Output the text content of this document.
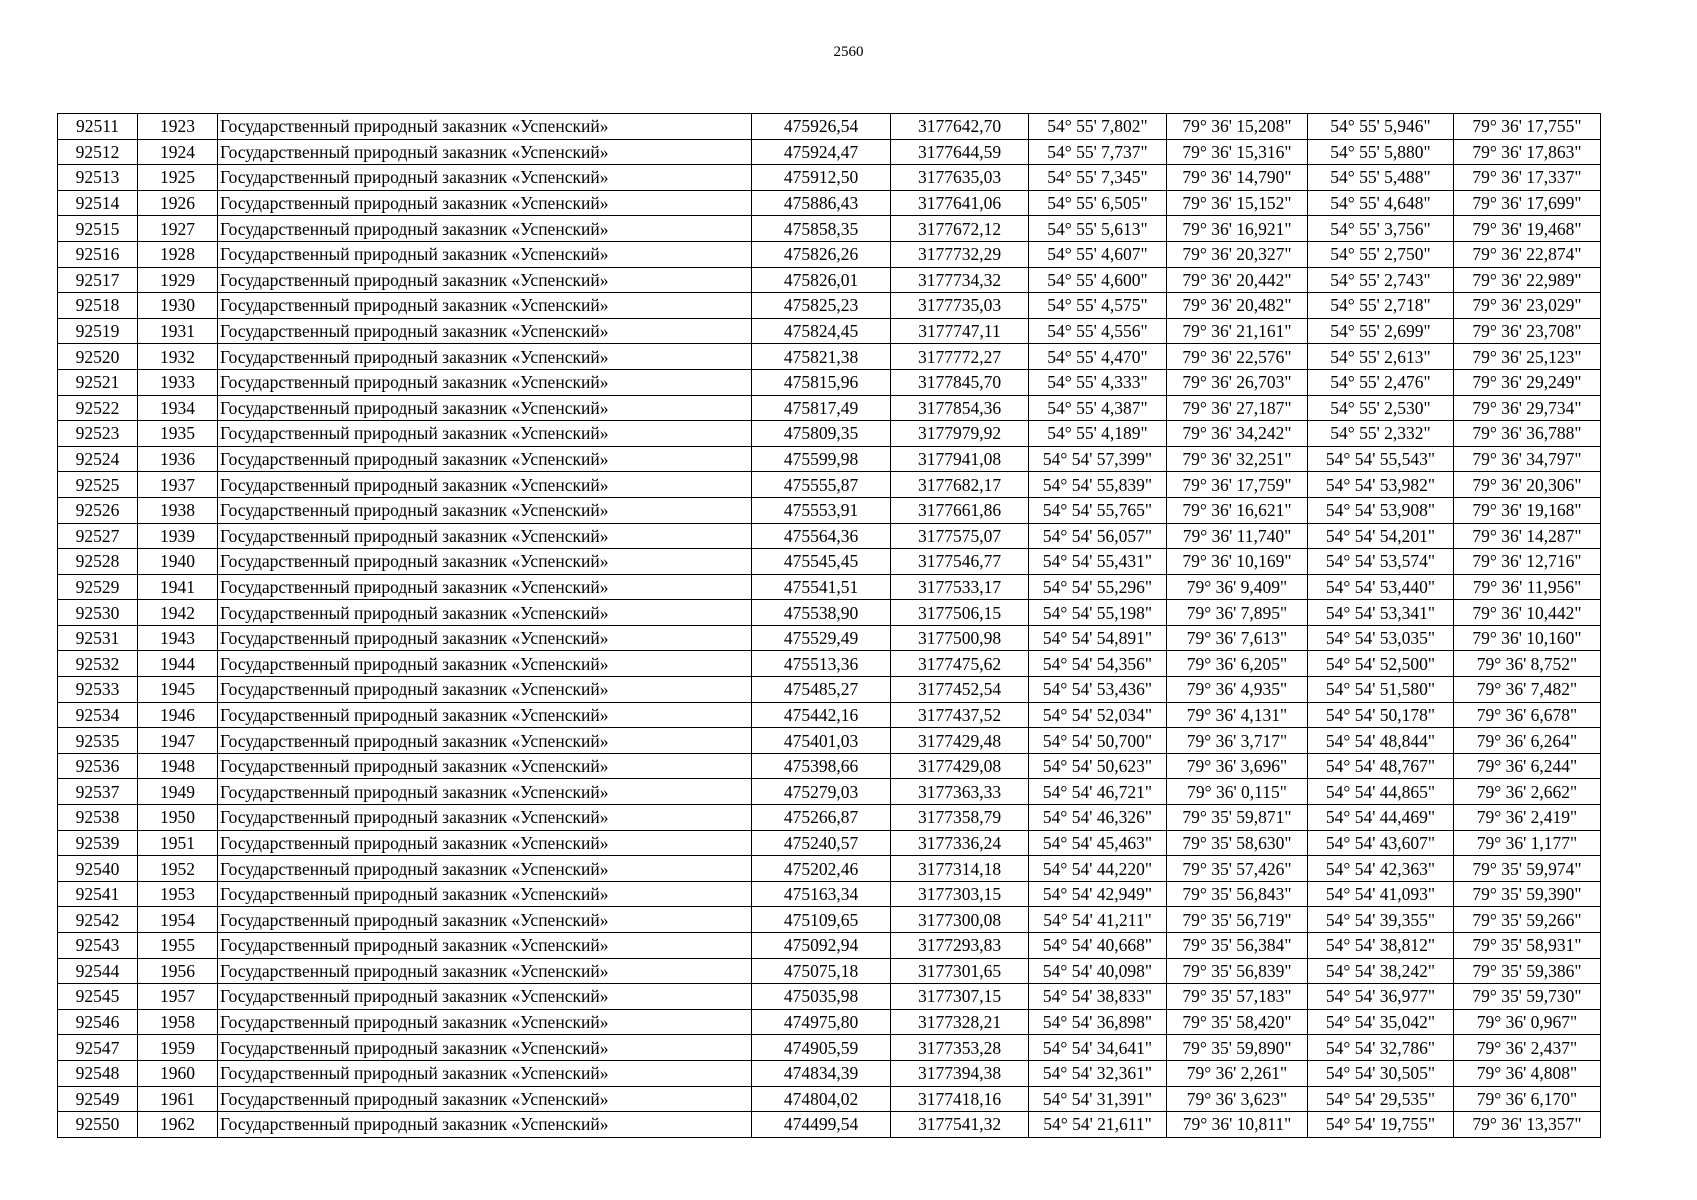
2560
92511	1923	Государственный природный заказник «Успенский»	475926,54	3177642,70	54° 55' 7,802"	79° 36' 15,208"	54° 55' 5,946"	79° 36' 17,755"
92512	1924	Государственный природный заказник «Успенский»	475924,47	3177644,59	54° 55' 7,737"	79° 36' 15,316"	54° 55' 5,880"	79° 36' 17,863"
92513	1925	Государственный природный заказник «Успенский»	475912,50	3177635,03	54° 55' 7,345"	79° 36' 14,790"	54° 55' 5,488"	79° 36' 17,337"
92514	1926	Государственный природный заказник «Успенский»	475886,43	3177641,06	54° 55' 6,505"	79° 36' 15,152"	54° 55' 4,648"	79° 36' 17,699"
92515	1927	Государственный природный заказник «Успенский»	475858,35	3177672,12	54° 55' 5,613"	79° 36' 16,921"	54° 55' 3,756"	79° 36' 19,468"
92516	1928	Государственный природный заказник «Успенский»	475826,26	3177732,29	54° 55' 4,607"	79° 36' 20,327"	54° 55' 2,750"	79° 36' 22,874"
92517	1929	Государственный природный заказник «Успенский»	475826,01	3177734,32	54° 55' 4,600"	79° 36' 20,442"	54° 55' 2,743"	79° 36' 22,989"
92518	1930	Государственный природный заказник «Успенский»	475825,23	3177735,03	54° 55' 4,575"	79° 36' 20,482"	54° 55' 2,718"	79° 36' 23,029"
92519	1931	Государственный природный заказник «Успенский»	475824,45	3177747,11	54° 55' 4,556"	79° 36' 21,161"	54° 55' 2,699"	79° 36' 23,708"
92520	1932	Государственный природный заказник «Успенский»	475821,38	3177772,27	54° 55' 4,470"	79° 36' 22,576"	54° 55' 2,613"	79° 36' 25,123"
92521	1933	Государственный природный заказник «Успенский»	475815,96	3177845,70	54° 55' 4,333"	79° 36' 26,703"	54° 55' 2,476"	79° 36' 29,249"
92522	1934	Государственный природный заказник «Успенский»	475817,49	3177854,36	54° 55' 4,387"	79° 36' 27,187"	54° 55' 2,530"	79° 36' 29,734"
92523	1935	Государственный природный заказник «Успенский»	475809,35	3177979,92	54° 55' 4,189"	79° 36' 34,242"	54° 55' 2,332"	79° 36' 36,788"
92524	1936	Государственный природный заказник «Успенский»	475599,98	3177941,08	54° 54' 57,399"	79° 36' 32,251"	54° 54' 55,543"	79° 36' 34,797"
92525	1937	Государственный природный заказник «Успенский»	475555,87	3177682,17	54° 54' 55,839"	79° 36' 17,759"	54° 54' 53,982"	79° 36' 20,306"
92526	1938	Государственный природный заказник «Успенский»	475553,91	3177661,86	54° 54' 55,765"	79° 36' 16,621"	54° 54' 53,908"	79° 36' 19,168"
92527	1939	Государственный природный заказник «Успенский»	475564,36	3177575,07	54° 54' 56,057"	79° 36' 11,740"	54° 54' 54,201"	79° 36' 14,287"
92528	1940	Государственный природный заказник «Успенский»	475545,45	3177546,77	54° 54' 55,431"	79° 36' 10,169"	54° 54' 53,574"	79° 36' 12,716"
92529	1941	Государственный природный заказник «Успенский»	475541,51	3177533,17	54° 54' 55,296"	79° 36' 9,409"	54° 54' 53,440"	79° 36' 11,956"
92530	1942	Государственный природный заказник «Успенский»	475538,90	3177506,15	54° 54' 55,198"	79° 36' 7,895"	54° 54' 53,341"	79° 36' 10,442"
92531	1943	Государственный природный заказник «Успенский»	475529,49	3177500,98	54° 54' 54,891"	79° 36' 7,613"	54° 54' 53,035"	79° 36' 10,160"
92532	1944	Государственный природный заказник «Успенский»	475513,36	3177475,62	54° 54' 54,356"	79° 36' 6,205"	54° 54' 52,500"	79° 36' 8,752"
92533	1945	Государственный природный заказник «Успенский»	475485,27	3177452,54	54° 54' 53,436"	79° 36' 4,935"	54° 54' 51,580"	79° 36' 7,482"
92534	1946	Государственный природный заказник «Успенский»	475442,16	3177437,52	54° 54' 52,034"	79° 36' 4,131"	54° 54' 50,178"	79° 36' 6,678"
92535	1947	Государственный природный заказник «Успенский»	475401,03	3177429,48	54° 54' 50,700"	79° 36' 3,717"	54° 54' 48,844"	79° 36' 6,264"
92536	1948	Государственный природный заказник «Успенский»	475398,66	3177429,08	54° 54' 50,623"	79° 36' 3,696"	54° 54' 48,767"	79° 36' 6,244"
92537	1949	Государственный природный заказник «Успенский»	475279,03	3177363,33	54° 54' 46,721"	79° 36' 0,115"	54° 54' 44,865"	79° 36' 2,662"
92538	1950	Государственный природный заказник «Успенский»	475266,87	3177358,79	54° 54' 46,326"	79° 35' 59,871"	54° 54' 44,469"	79° 36' 2,419"
92539	1951	Государственный природный заказник «Успенский»	475240,57	3177336,24	54° 54' 45,463"	79° 35' 58,630"	54° 54' 43,607"	79° 36' 1,177"
92540	1952	Государственный природный заказник «Успенский»	475202,46	3177314,18	54° 54' 44,220"	79° 35' 57,426"	54° 54' 42,363"	79° 35' 59,974"
92541	1953	Государственный природный заказник «Успенский»	475163,34	3177303,15	54° 54' 42,949"	79° 35' 56,843"	54° 54' 41,093"	79° 35' 59,390"
92542	1954	Государственный природный заказник «Успенский»	475109,65	3177300,08	54° 54' 41,211"	79° 35' 56,719"	54° 54' 39,355"	79° 35' 59,266"
92543	1955	Государственный природный заказник «Успенский»	475092,94	3177293,83	54° 54' 40,668"	79° 35' 56,384"	54° 54' 38,812"	79° 35' 58,931"
92544	1956	Государственный природный заказник «Успенский»	475075,18	3177301,65	54° 54' 40,098"	79° 35' 56,839"	54° 54' 38,242"	79° 35' 59,386"
92545	1957	Государственный природный заказник «Успенский»	475035,98	3177307,15	54° 54' 38,833"	79° 35' 57,183"	54° 54' 36,977"	79° 35' 59,730"
92546	1958	Государственный природный заказник «Успенский»	474975,80	3177328,21	54° 54' 36,898"	79° 35' 58,420"	54° 54' 35,042"	79° 36' 0,967"
92547	1959	Государственный природный заказник «Успенский»	474905,59	3177353,28	54° 54' 34,641"	79° 35' 59,890"	54° 54' 32,786"	79° 36' 2,437"
92548	1960	Государственный природный заказник «Успенский»	474834,39	3177394,38	54° 54' 32,361"	79° 36' 2,261"	54° 54' 30,505"	79° 36' 4,808"
92549	1961	Государственный природный заказник «Успенский»	474804,02	3177418,16	54° 54' 31,391"	79° 36' 3,623"	54° 54' 29,535"	79° 36' 6,170"
92550	1962	Государственный природный заказник «Успенский»	474499,54	3177541,32	54° 54' 21,611"	79° 36' 10,811"	54° 54' 19,755"	79° 36' 13,357"
